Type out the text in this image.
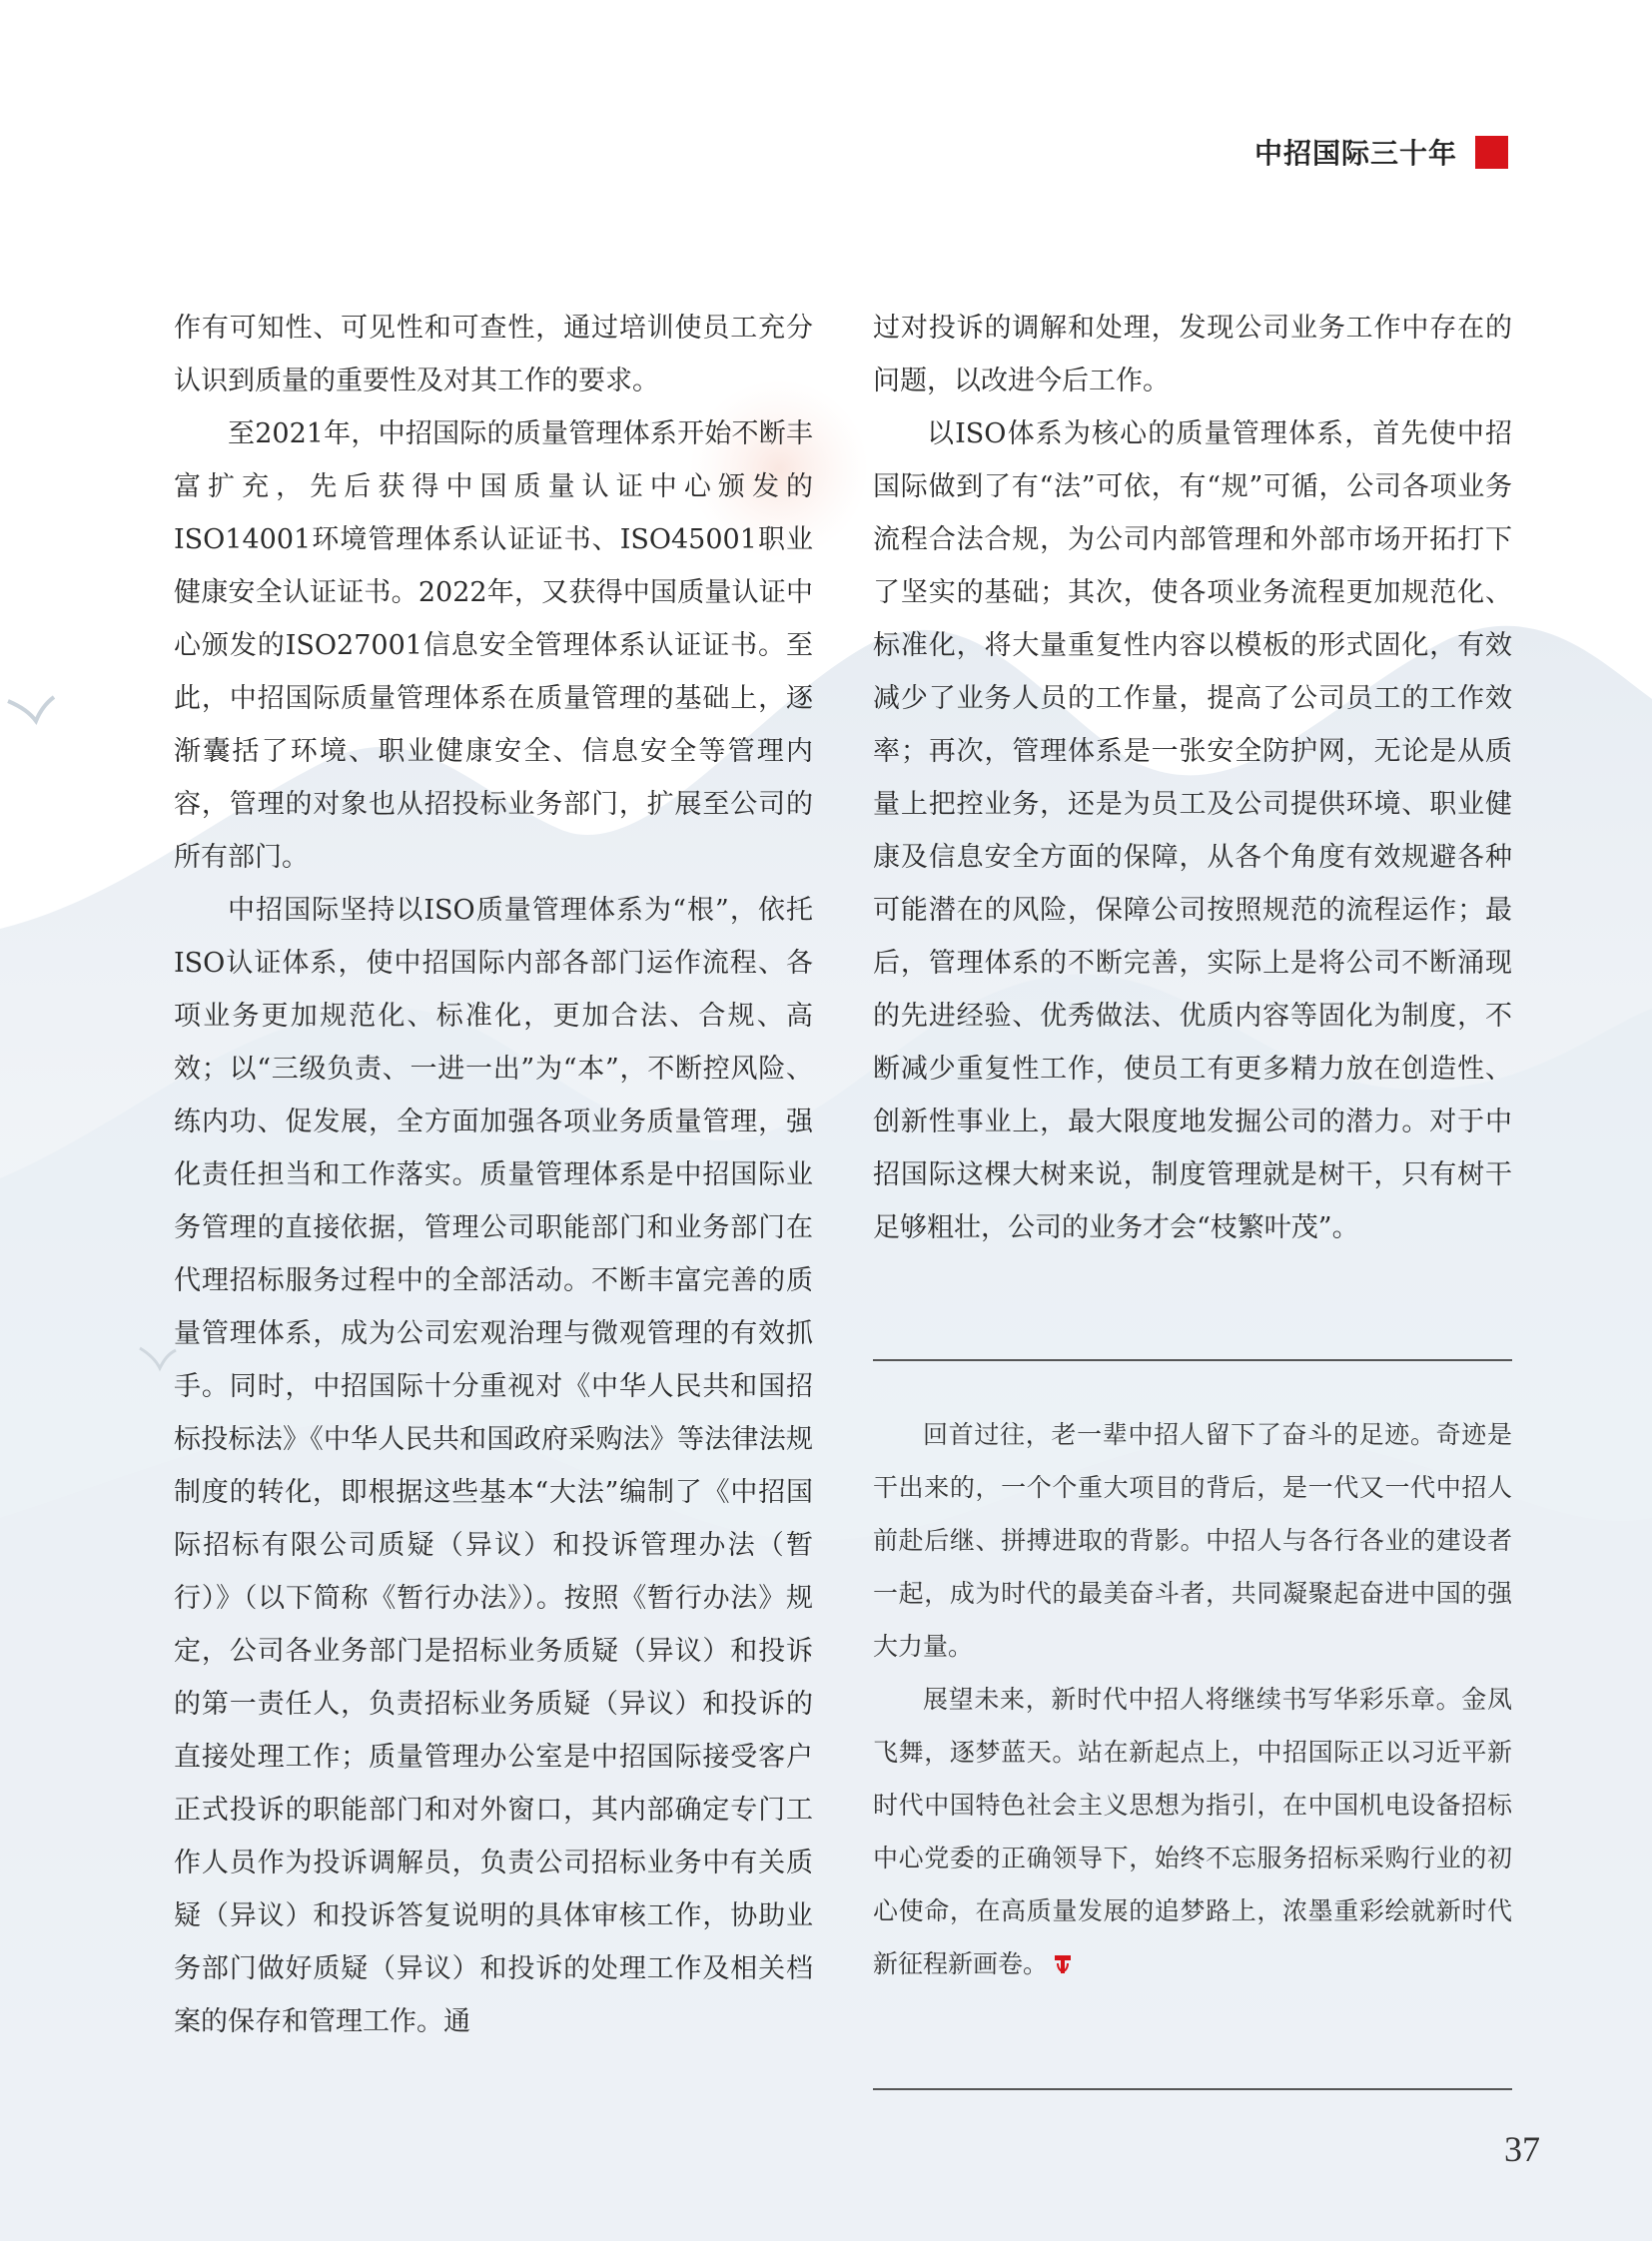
中招国际三十年

作有可知性、可见性和可查性，通过培训使员工充分认识到质量的重要性及对其工作的要求。

至2021年，中招国际的质量管理体系开始不断丰富扩充，先后获得中国质量认证中心颁发的ISO14001环境管理体系认证证书、ISO45001职业健康安全认证证书。2022年，又获得中国质量认证中心颁发的ISO27001信息安全管理体系认证证书。至此，中招国际质量管理体系在质量管理的基础上，逐渐囊括了环境、职业健康安全、信息安全等管理内容，管理的对象也从招投标业务部门，扩展至公司的所有部门。

中招国际坚持以ISO质量管理体系为“根”，依托ISO认证体系，使中招国际内部各部门运作流程、各项业务更加规范化、标准化，更加合法、合规、高效；以“三级负责、一进一出”为“本”，不断控风险、练内功、促发展，全方面加强各项业务质量管理，强化责任担当和工作落实。质量管理体系是中招国际业务管理的直接依据，管理公司职能部门和业务部门在代理招标服务过程中的全部活动。不断丰富完善的质量管理体系，成为公司宏观治理与微观管理的有效抓手。同时，中招国际十分重视对《中华人民共和国招标投标法》《中华人民共和国政府采购法》等法律法规制度的转化，即根据这些基本“大法”编制了《中招国际招标有限公司质疑（异议）和投诉管理办法（暂行）》（以下简称《暂行办法》）。按照《暂行办法》规定，公司各业务部门是招标业务质疑（异议）和投诉的第一责任人，负责招标业务质疑（异议）和投诉的直接处理工作；质量管理办公室是中招国际接受客户正式投诉的职能部门和对外窗口，其内部确定专门工作人员作为投诉调解员，负责公司招标业务中有关质疑（异议）和投诉答复说明的具体审核工作，协助业务部门做好质疑（异议）和投诉的处理工作及相关档案的保存和管理工作。通

过对投诉的调解和处理，发现公司业务工作中存在的问题，以改进今后工作。

以ISO体系为核心的质量管理体系，首先使中招国际做到了有“法”可依，有“规”可循，公司各项业务流程合法合规，为公司内部管理和外部市场开拓打下了坚实的基础；其次，使各项业务流程更加规范化、标准化，将大量重复性内容以模板的形式固化，有效减少了业务人员的工作量，提高了公司员工的工作效率；再次，管理体系是一张安全防护网，无论是从质量上把控业务，还是为员工及公司提供环境、职业健康及信息安全方面的保障，从各个角度有效规避各种可能潜在的风险，保障公司按照规范的流程运作；最后，管理体系的不断完善，实际上是将公司不断涌现的先进经验、优秀做法、优质内容等固化为制度，不断减少重复性工作，使员工有更多精力放在创造性、创新性事业上，最大限度地发掘公司的潜力。对于中招国际这棵大树来说，制度管理就是树干，只有树干足够粗壮，公司的业务才会“枝繁叶茂”。

回首过往，老一辈中招人留下了奋斗的足迹。奇迹是干出来的，一个个重大项目的背后，是一代又一代中招人前赴后继、拼搏进取的背影。中招人与各行各业的建设者一起，成为时代的最美奋斗者，共同凝聚起奋进中国的强大力量。

展望未来，新时代中招人将继续书写华彩乐章。金凤飞舞，逐梦蓝天。站在新起点上，中招国际正以习近平新时代中国特色社会主义思想为指引，在中国机电设备招标中心党委的正确领导下，始终不忘服务招标采购行业的初心使命，在高质量发展的追梦路上，浓墨重彩绘就新时代新征程新画卷。

37
